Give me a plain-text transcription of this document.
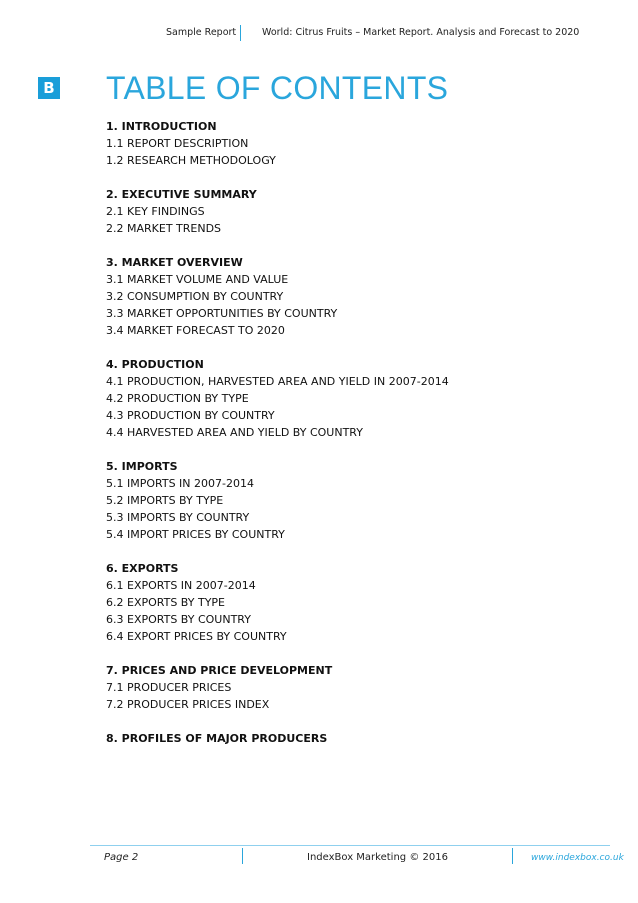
Sample Report	World: Citrus Fruits – Market Report. Analysis and Forecast to 2020
B TABLE OF CONTENTS
1. INTRODUCTION
1.1 REPORT DESCRIPTION
1.2 RESEARCH METHODOLOGY
2. EXECUTIVE SUMMARY
2.1 KEY FINDINGS
2.2 MARKET TRENDS
3. MARKET OVERVIEW
3.1 MARKET VOLUME AND VALUE
3.2 CONSUMPTION BY COUNTRY
3.3 MARKET OPPORTUNITIES BY COUNTRY
3.4 MARKET FORECAST TO 2020
4. PRODUCTION
4.1 PRODUCTION, HARVESTED AREA AND YIELD IN 2007-2014
4.2 PRODUCTION BY TYPE
4.3 PRODUCTION BY COUNTRY
4.4 HARVESTED AREA AND YIELD BY COUNTRY
5. IMPORTS
5.1 IMPORTS IN 2007-2014
5.2 IMPORTS BY TYPE
5.3 IMPORTS BY COUNTRY
5.4 IMPORT PRICES BY COUNTRY
6. EXPORTS
6.1 EXPORTS IN 2007-2014
6.2 EXPORTS BY TYPE
6.3 EXPORTS BY COUNTRY
6.4 EXPORT PRICES BY COUNTRY
7. PRICES AND PRICE DEVELOPMENT
7.1 PRODUCER PRICES
7.2 PRODUCER PRICES INDEX
8. PROFILES OF MAJOR PRODUCERS
Page 2	IndexBox Marketing © 2016	www.indexbox.co.uk
